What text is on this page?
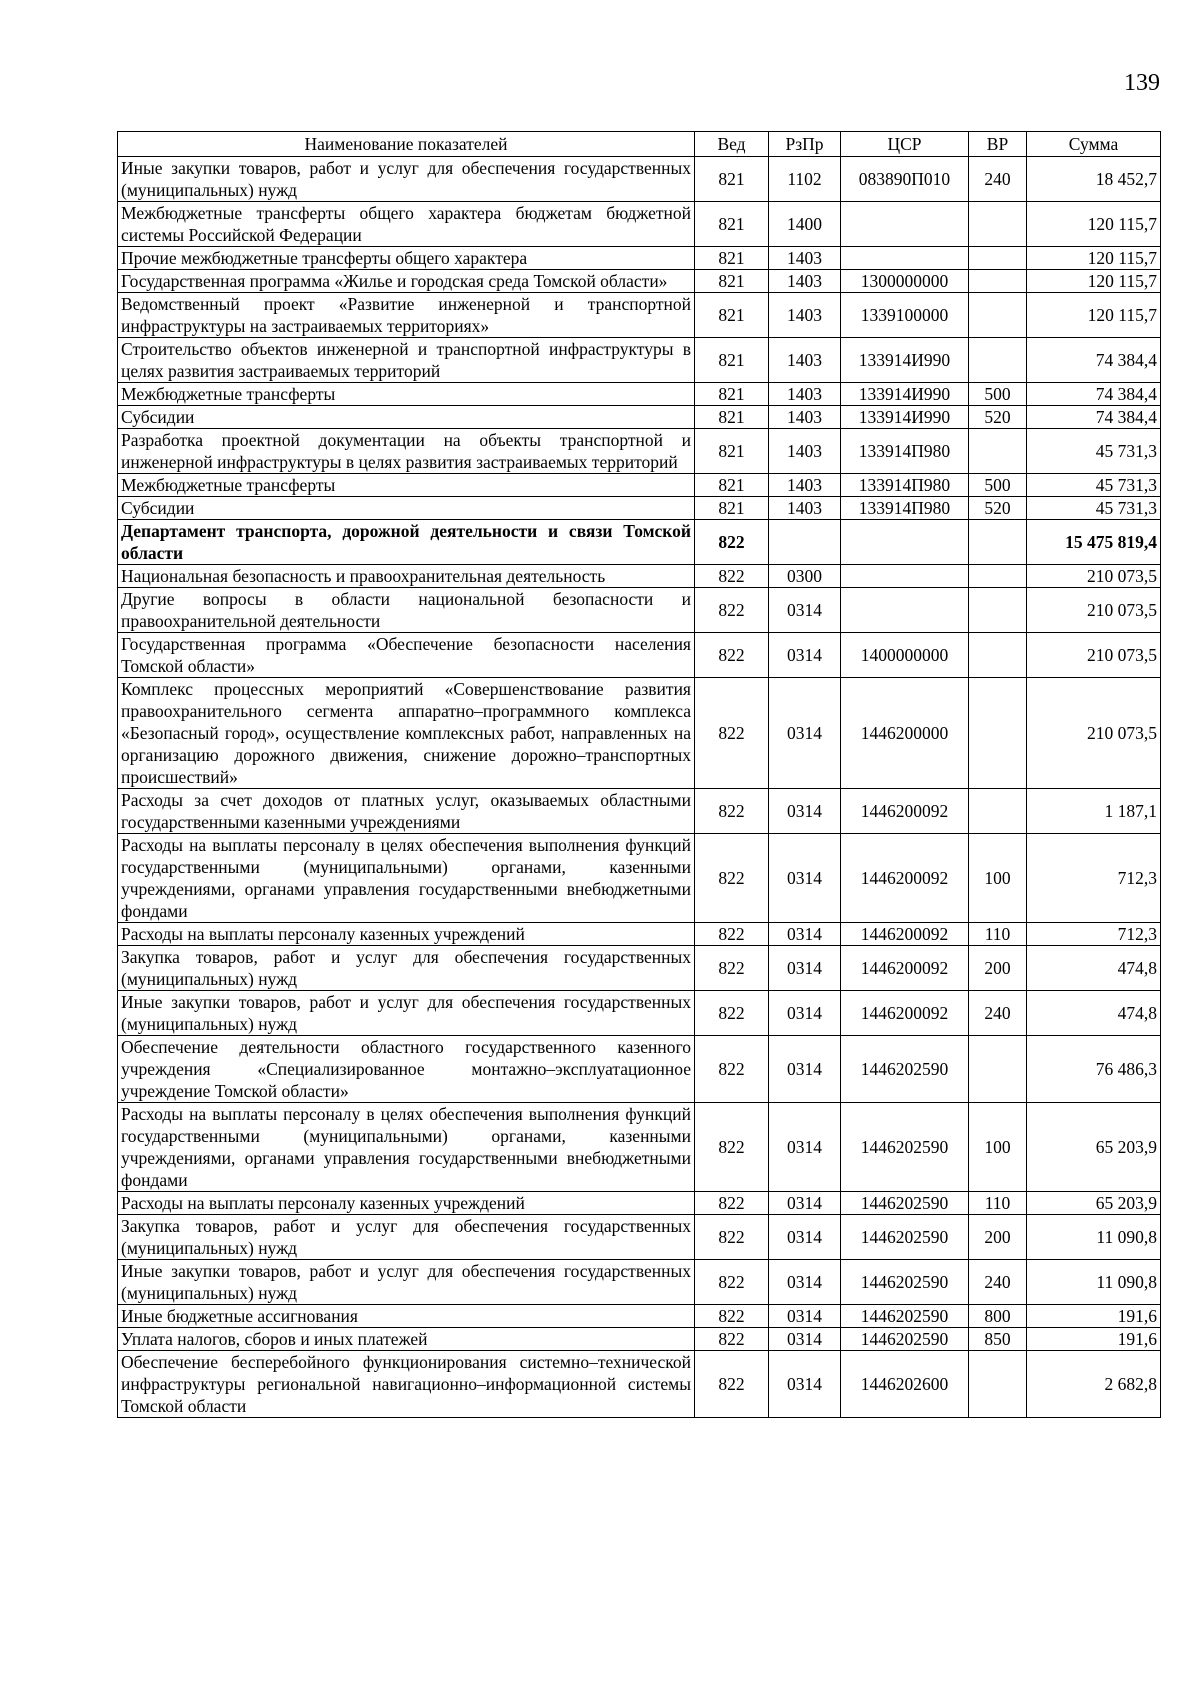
139
Наименование показателей	Вед	РзПр	ЦСР	ВР	Сумма
Иные закупки товаров, работ и услуг для обеспечения государственных (муниципальных) нужд	821	1102	083890П010	240	18 452,7
Межбюджетные трансферты общего характера бюджетам бюджетной системы Российской Федерации	821	1400			120 115,7
Прочие межбюджетные трансферты общего характера	821	1403			120 115,7
Государственная программа «Жилье и городская среда Томской области»	821	1403	1300000000		120 115,7
Ведомственный проект «Развитие инженерной и транспортной инфраструктуры на застраиваемых территориях»	821	1403	1339100000		120 115,7
Строительство объектов инженерной и транспортной инфраструктуры в целях развития застраиваемых территорий	821	1403	133914И990		74 384,4
Межбюджетные трансферты	821	1403	133914И990	500	74 384,4
Субсидии	821	1403	133914И990	520	74 384,4
Разработка проектной документации на объекты транспортной и инженерной инфраструктуры в целях развития застраиваемых территорий	821	1403	133914П980		45 731,3
Межбюджетные трансферты	821	1403	133914П980	500	45 731,3
Субсидии	821	1403	133914П980	520	45 731,3
Департамент транспорта, дорожной деятельности и связи Томской области	822				15 475 819,4
Национальная безопасность и правоохранительная деятельность	822	0300			210 073,5
Другие вопросы в области национальной безопасности и правоохранительной деятельности	822	0314			210 073,5
Государственная программа «Обеспечение безопасности населения Томской области»	822	0314	1400000000		210 073,5
Комплекс процессных мероприятий «Совершенствование развития правоохранительного сегмента аппаратно–программного комплекса «Безопасный город», осуществление комплексных работ, направленных на организацию дорожного движения, снижение дорожно–транспортных происшествий»	822	0314	1446200000		210 073,5
Расходы за счет доходов от платных услуг, оказываемых областными государственными казенными учреждениями	822	0314	1446200092		1 187,1
Расходы на выплаты персоналу в целях обеспечения выполнения функций государственными (муниципальными) органами, казенными учреждениями, органами управления государственными внебюджетными фондами	822	0314	1446200092	100	712,3
Расходы на выплаты персоналу казенных учреждений	822	0314	1446200092	110	712,3
Закупка товаров, работ и услуг для обеспечения государственных (муниципальных) нужд	822	0314	1446200092	200	474,8
Иные закупки товаров, работ и услуг для обеспечения государственных (муниципальных) нужд	822	0314	1446200092	240	474,8
Обеспечение деятельности областного государственного казенного учреждения «Специализированное монтажно–эксплуатационное учреждение Томской области»	822	0314	1446202590		76 486,3
Расходы на выплаты персоналу в целях обеспечения выполнения функций государственными (муниципальными) органами, казенными учреждениями, органами управления государственными внебюджетными фондами	822	0314	1446202590	100	65 203,9
Расходы на выплаты персоналу казенных учреждений	822	0314	1446202590	110	65 203,9
Закупка товаров, работ и услуг для обеспечения государственных (муниципальных) нужд	822	0314	1446202590	200	11 090,8
Иные закупки товаров, работ и услуг для обеспечения государственных (муниципальных) нужд	822	0314	1446202590	240	11 090,8
Иные бюджетные ассигнования	822	0314	1446202590	800	191,6
Уплата налогов, сборов и иных платежей	822	0314	1446202590	850	191,6
Обеспечение бесперебойного функционирования системно–технической инфраструктуры региональной навигационно–информационной системы Томской области	822	0314	1446202600		2 682,8
